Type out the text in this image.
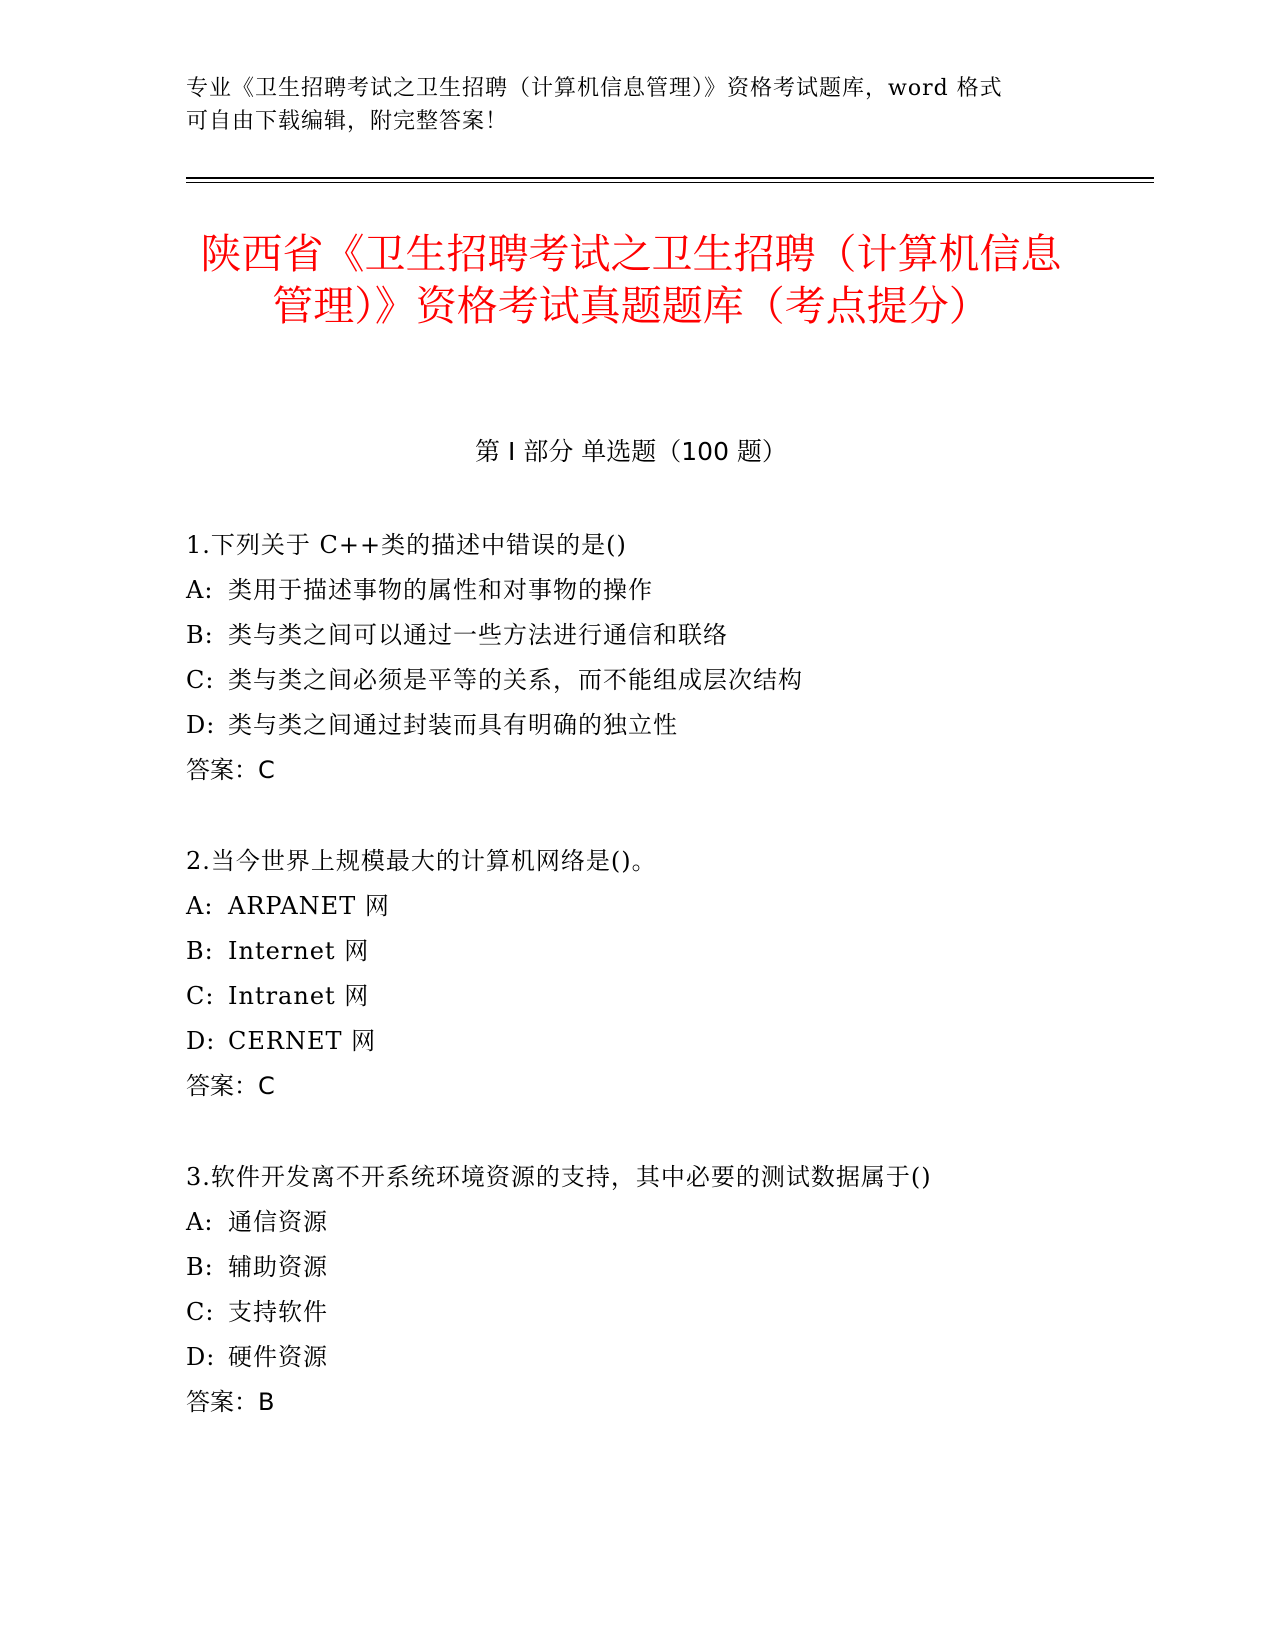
专业《卫生招聘考试之卫生招聘（计算机信息管理）》资格考试题库，word 格式
可自由下载编辑，附完整答案！
陕西省《卫生招聘考试之卫生招聘（计算机信息管理）》资格考试真题题库（考点提分）
第 I 部分 单选题（100 题）
1.下列关于 C++类的描述中错误的是()
A: 类用于描述事物的属性和对事物的操作
B: 类与类之间可以通过一些方法进行通信和联络
C: 类与类之间必须是平等的关系，而不能组成层次结构
D: 类与类之间通过封装而具有明确的独立性
答案：C
2.当今世界上规模最大的计算机网络是()。
A: ARPANET 网
B: Internet 网
C: Intranet 网
D: CERNET 网
答案：C
3.软件开发离不开系统环境资源的支持，其中必要的测试数据属于()
A: 通信资源
B: 辅助资源
C: 支持软件
D: 硬件资源
答案：B
